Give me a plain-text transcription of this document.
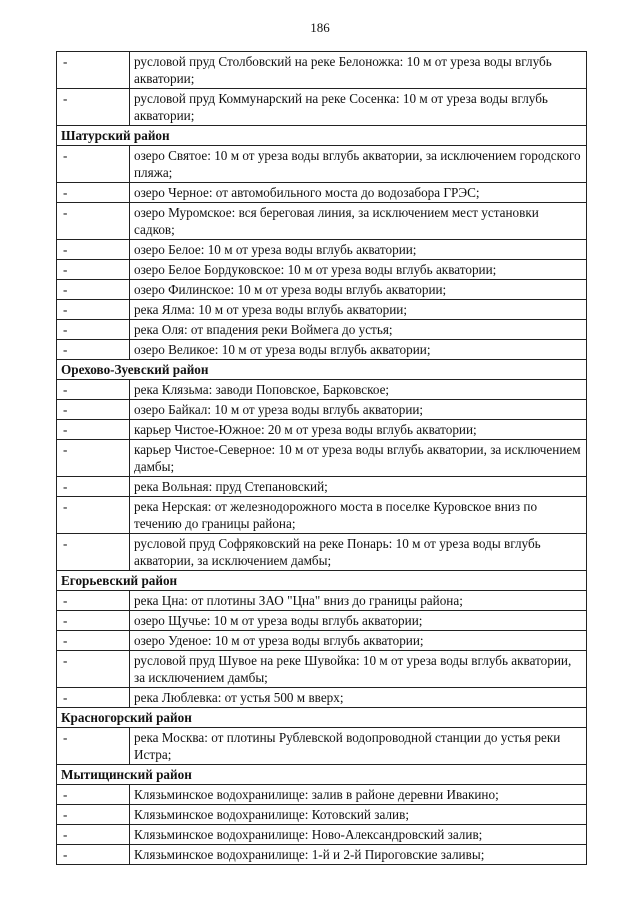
186
-	русловой пруд Столбовский на реке Белоножка: 10 м от уреза воды вглубь акватории;
-	русловой пруд Коммунарский на реке Сосенка: 10 м от уреза воды вглубь акватории;
Шатурский район	
-	озеро Святое: 10 м от уреза воды вглубь акватории, за исключением городского пляжа;
-	озеро Черное: от автомобильного моста до водозабора ГРЭС;
-	озеро Муромское: вся береговая линия, за исключением мест установки садков;
-	озеро Белое: 10 м от уреза воды вглубь акватории;
-	озеро Белое Бордуковское: 10 м от уреза воды вглубь акватории;
-	озеро Филинское: 10 м от уреза воды вглубь акватории;
-	река Ялма: 10 м от уреза воды вглубь акватории;
-	река Оля: от впадения реки Воймега до устья;
-	озеро Великое: 10 м от уреза воды вглубь акватории;
Орехово-Зуевский район	
-	река Клязьма: заводи Поповское, Барковское;
-	озеро Байкал: 10 м от уреза воды вглубь акватории;
-	карьер Чистое-Южное: 20 м от уреза воды вглубь акватории;
-	карьер Чистое-Северное: 10 м от уреза воды вглубь акватории, за исключением дамбы;
-	река Вольная: пруд Степановский;
-	река Нерская: от железнодорожного моста в поселке Куровское вниз по течению до границы района;
-	русловой пруд Софряковский на реке Понарь: 10 м от уреза воды вглубь акватории, за исключением дамбы;
Егорьевский район	
-	река Цна: от плотины ЗАО "Цна" вниз до границы района;
-	озеро Щучье: 10 м от уреза воды вглубь акватории;
-	озеро Уденое: 10 м от уреза воды вглубь акватории;
-	русловой пруд Шувое на реке Шувойка: 10 м от уреза воды вглубь акватории, за исключением дамбы;
-	река Люблевка: от устья 500 м вверх;
Красногорский район	
-	река Москва: от плотины Рублевской водопроводной станции до устья реки Истра;
Мытищинский район	
-	Клязьминское водохранилище: залив в районе деревни Ивакино;
-	Клязьминское водохранилище: Котовский залив;
-	Клязьминское водохранилище: Ново-Александровский залив;
-	Клязьминское водохранилище: 1-й и 2-й Пироговские заливы;
